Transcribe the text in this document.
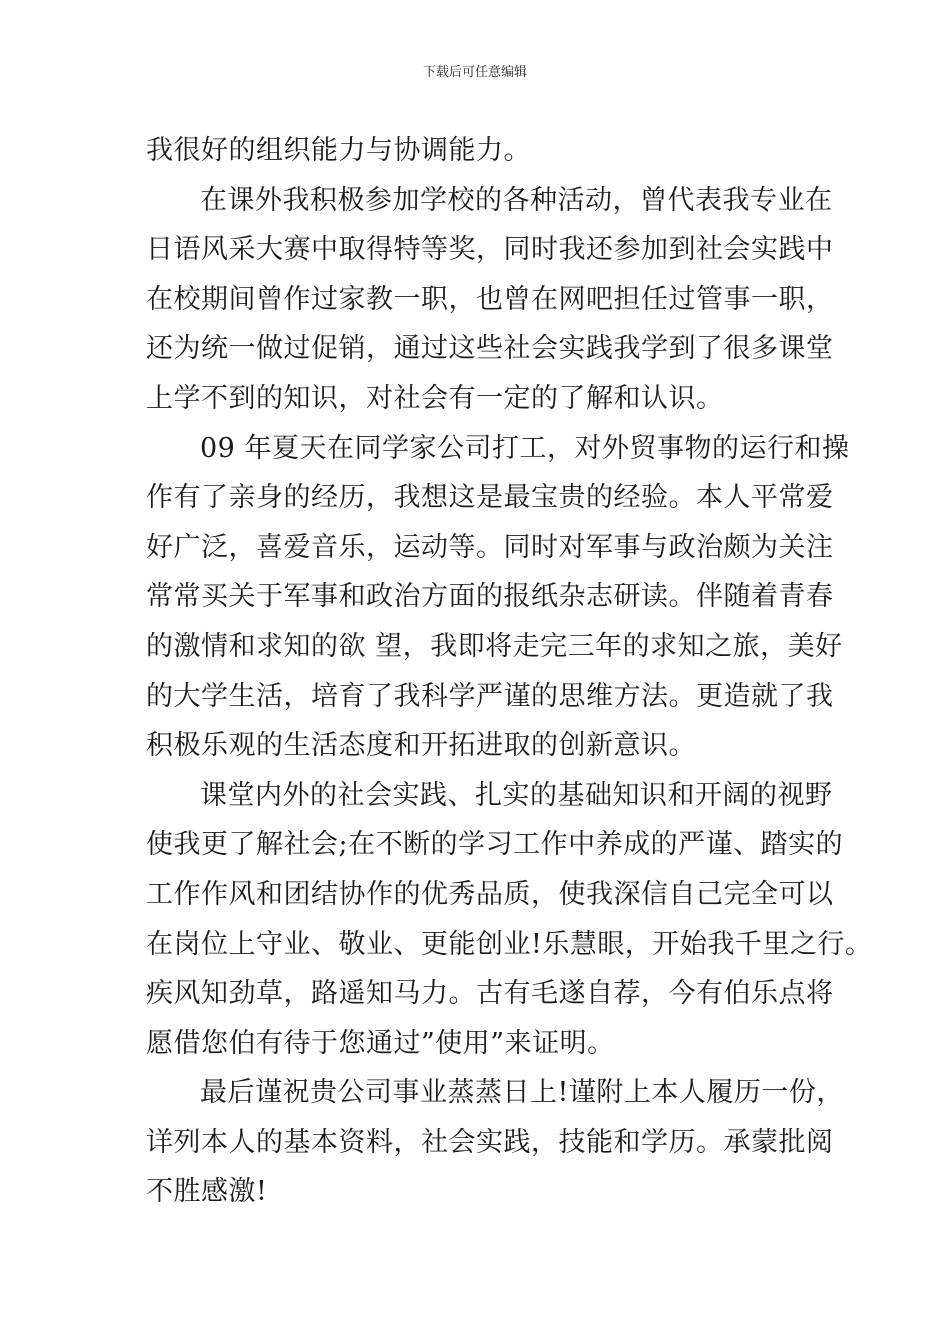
下载后可任意编辑
我很好的组织能力与协调能力。
在课外我积极参加学校的各种活动，曾代表我专业在
日语风采大赛中取得特等奖，同时我还参加到社会实践中
在校期间曾作过家教一职，也曾在网吧担任过管事一职，
还为统一做过促销，通过这些社会实践我学到了很多课堂
上学不到的知识，对社会有一定的了解和认识。
09 年夏天在同学家公司打工，对外贸事物的运行和操
作有了亲身的经历，我想这是最宝贵的经验。本人平常爱
好广泛，喜爱音乐，运动等。同时对军事与政治颇为关注
常常买关于军事和政治方面的报纸杂志研读。伴随着青春
的激情和求知的欲 望，我即将走完三年的求知之旅，美好
的大学生活，培育了我科学严谨的思维方法。更造就了我
积极乐观的生活态度和开拓进取的创新意识。
课堂内外的社会实践、扎实的基础知识和开阔的视野
使我更了解社会;在不断的学习工作中养成的严谨、踏实的
工作作风和团结协作的优秀品质，使我深信自己完全可以
在岗位上守业、敬业、更能创业!乐慧眼，开始我千里之行。
疾风知劲草，路遥知马力。古有毛遂自荐，今有伯乐点将
愿借您伯有待于您通过”使用”来证明。
最后谨祝贵公司事业蒸蒸日上!谨附上本人履历一份，
详列本人的基本资料，社会实践，技能和学历。承蒙批阅
不胜感激!
